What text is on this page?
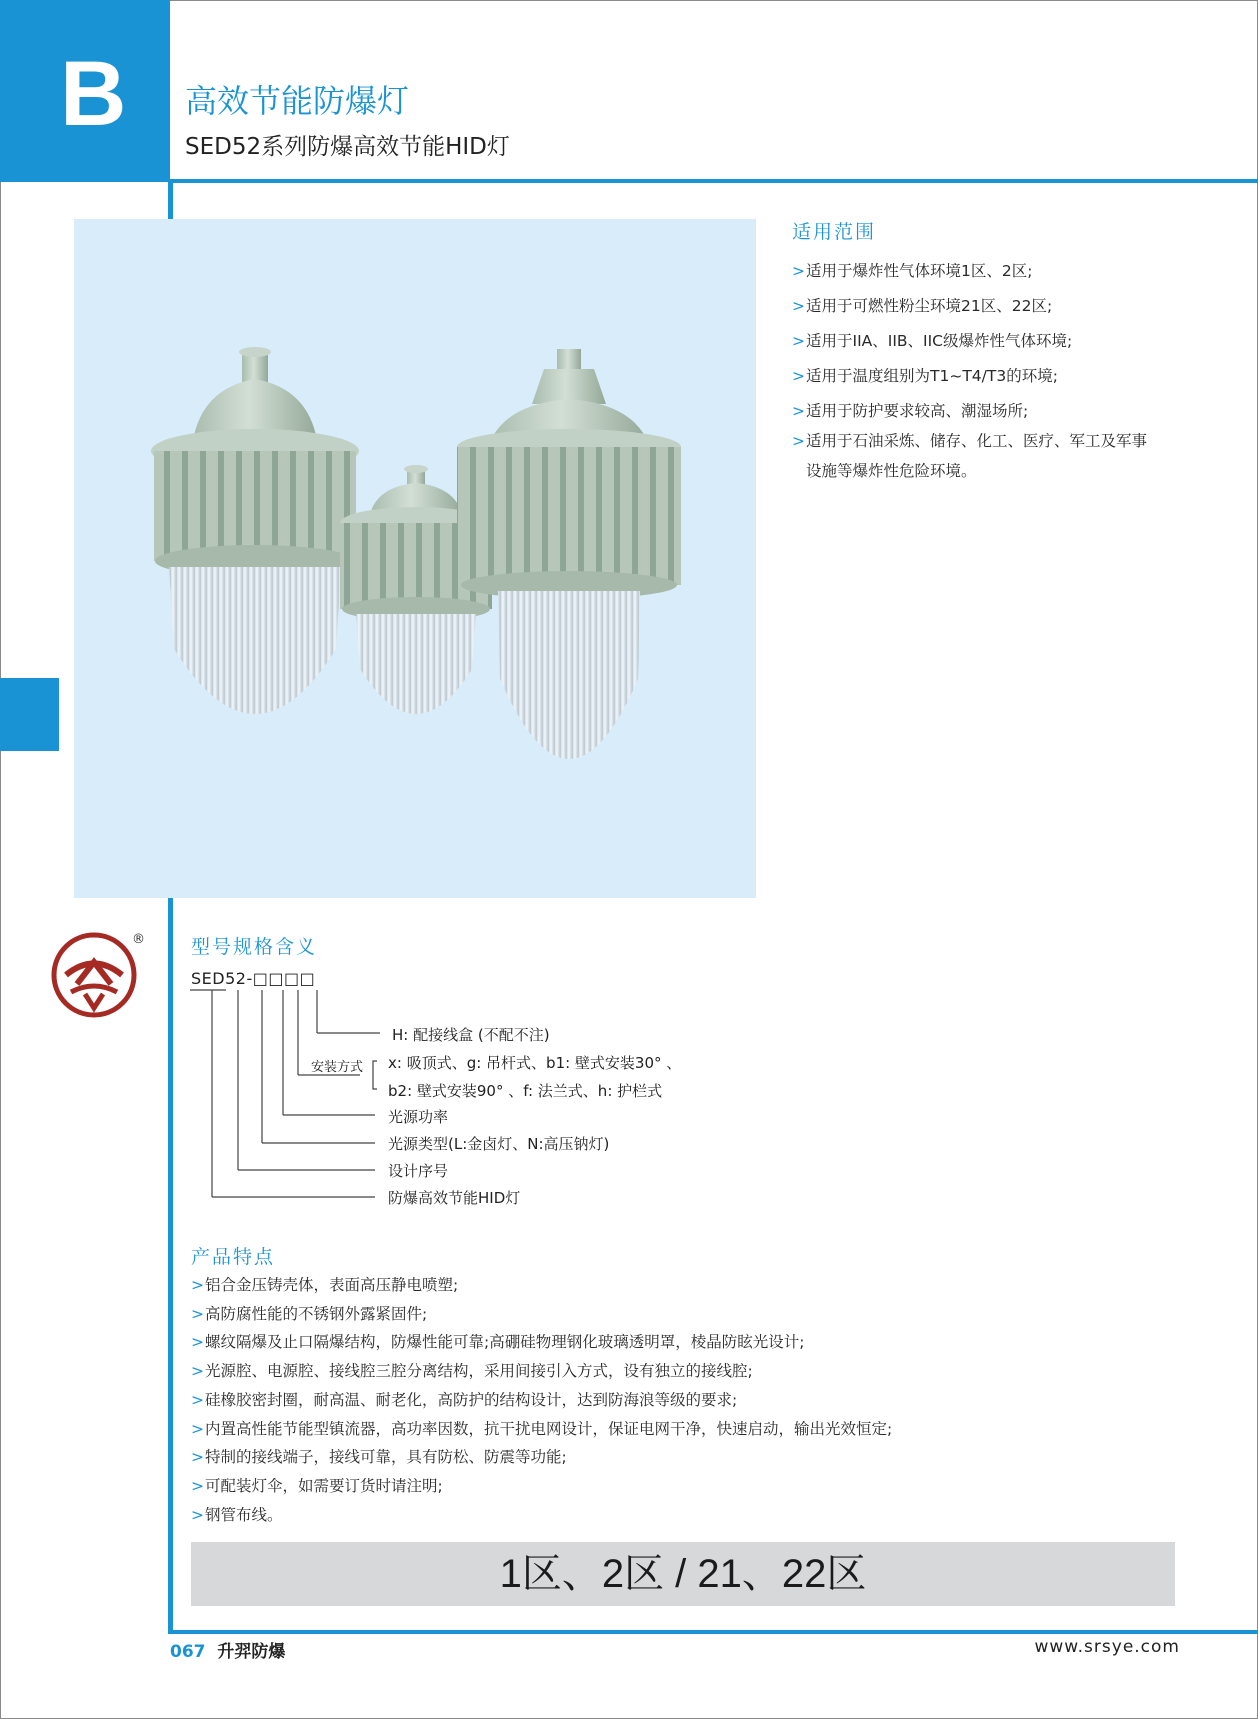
B 高效节能防爆灯
SED52系列防爆高效节能HID灯
适用范围
> 适用于爆炸性气体环境1区、2区;
> 适用于可燃性粉尘环境21区、22区;
> 适用于IIA、IIB、IIC级爆炸性气体环境;
> 适用于温度组别为T1~T4/T3的环境;
> 适用于防护要求较高、潮湿场所;
> 适用于石油采炼、储存、化工、医疗、军工及军事
设施等爆炸性危险环境。
® 型号规格含义
SED52-□□□□
H: 配接线盒 (不配不注)
安装方式 x: 吸顶式、g: 吊杆式、b1: 壁式安装30° 、
b2: 壁式安装90° 、f: 法兰式、h: 护栏式
光源功率
光源类型(L:金卤灯、N:高压钠灯)
设计序号
防爆高效节能HID灯
产品特点
> 铝合金压铸壳体，表面高压静电喷塑;
> 高防腐性能的不锈钢外露紧固件;
> 螺纹隔爆及止口隔爆结构，防爆性能可靠;高硼硅物理钢化玻璃透明罩，棱晶防眩光设计;
> 光源腔、电源腔、接线腔三腔分离结构，采用间接引入方式，设有独立的接线腔;
> 硅橡胶密封圈，耐高温、耐老化，高防护的结构设计，达到防海浪等级的要求;
> 内置高性能节能型镇流器，高功率因数，抗干扰电网设计，保证电网干净，快速启动，输出光效恒定;
> 特制的接线端子，接线可靠，具有防松、防震等功能;
> 可配装灯伞，如需要订货时请注明;
> 钢管布线。
1区、2区 / 21、22区
067 升羿防爆	www.srsye.com
